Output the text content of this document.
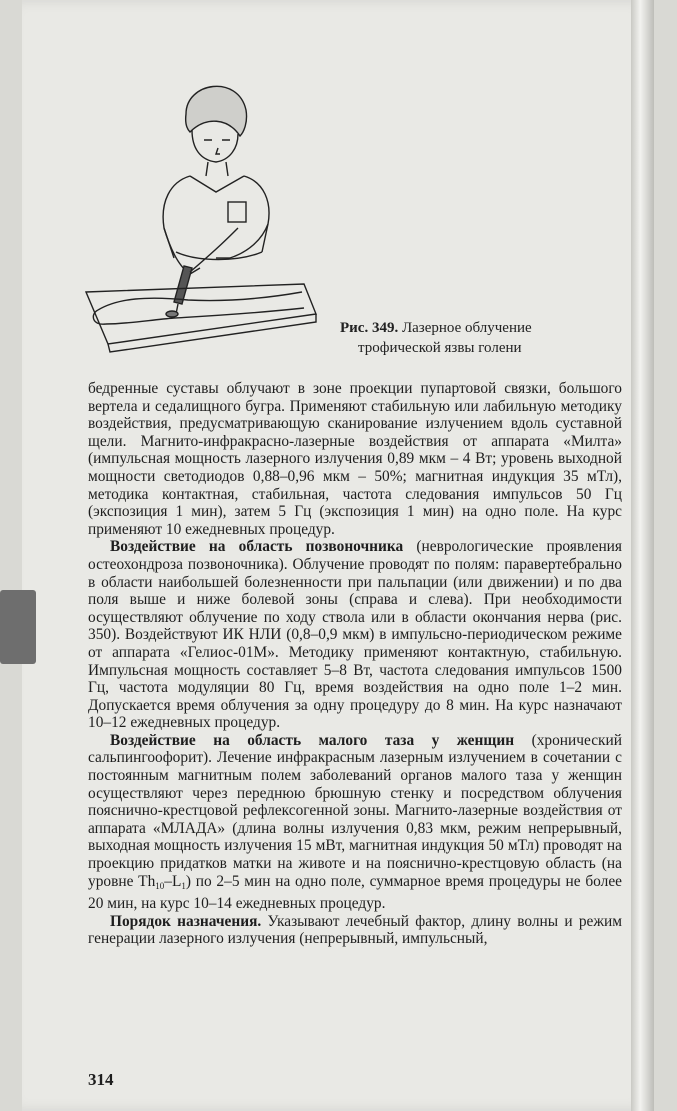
Рис. 349. Лазерное облучение
трофической язвы голени

бедренные суставы облучают в зоне проекции пупартовой связки, большого вертела и седалищного бугра. Применяют стабильную или лабильную методику воздействия, предусматривающую сканирование излучением вдоль суставной щели. Магнито-инфракрасно-лазерные воздействия от аппарата «Милта» (импульсная мощность лазерного излучения 0,89 мкм – 4 Вт; уровень выходной мощности светодиодов 0,88–0,96 мкм – 50%; магнитная индукция 35 мТл), методика контактная, стабильная, частота следования импульсов 50 Гц (экспозиция 1 мин), затем 5 Гц (экспозиция 1 мин) на одно поле. На курс применяют 10 ежедневных процедур.

Воздействие на область позвоночника (неврологические проявления остеохондроза позвоночника). Облучение проводят по полям: паравертебрально в области наибольшей болезненности при пальпации (или движении) и по два поля выше и ниже болевой зоны (справа и слева). При необходимости осуществляют облучение по ходу ствола или в области окончания нерва (рис. 350). Воздействуют ИК НЛИ (0,8–0,9 мкм) в импульсно-периодическом режиме от аппарата «Гелиос-01М». Методику применяют контактную, стабильную. Импульсная мощность составляет 5–8 Вт, частота следования импульсов 1500 Гц, частота модуляции 80 Гц, время воздействия на одно поле 1–2 мин. Допускается время облучения за одну процедуру до 8 мин. На курс назначают 10–12 ежедневных процедур.

Воздействие на область малого таза у женщин (хронический сальпингоофорит). Лечение инфракрасным лазерным излучением в сочетании с постоянным магнитным полем заболеваний органов малого таза у женщин осуществляют через переднюю брюшную стенку и посредством облучения пояснично-крестцовой рефлексогенной зоны. Магнито-лазерные воздействия от аппарата «МЛАДА» (длина волны излучения 0,83 мкм, режим непрерывный, выходная мощность излучения 15 мВт, магнитная индукция 50 мТл) проводят на проекцию придатков матки на животе и на пояснично-крестцовую область (на уровне $Th_{10}-L_1$) по 2–5 мин на одно поле, суммарное время процедуры не более 20 мин, на курс 10–14 ежедневных процедур.

Порядок назначения. Указывают лечебный фактор, длину волны и режим генерации лазерного излучения (непрерывный, импульсный,

314
